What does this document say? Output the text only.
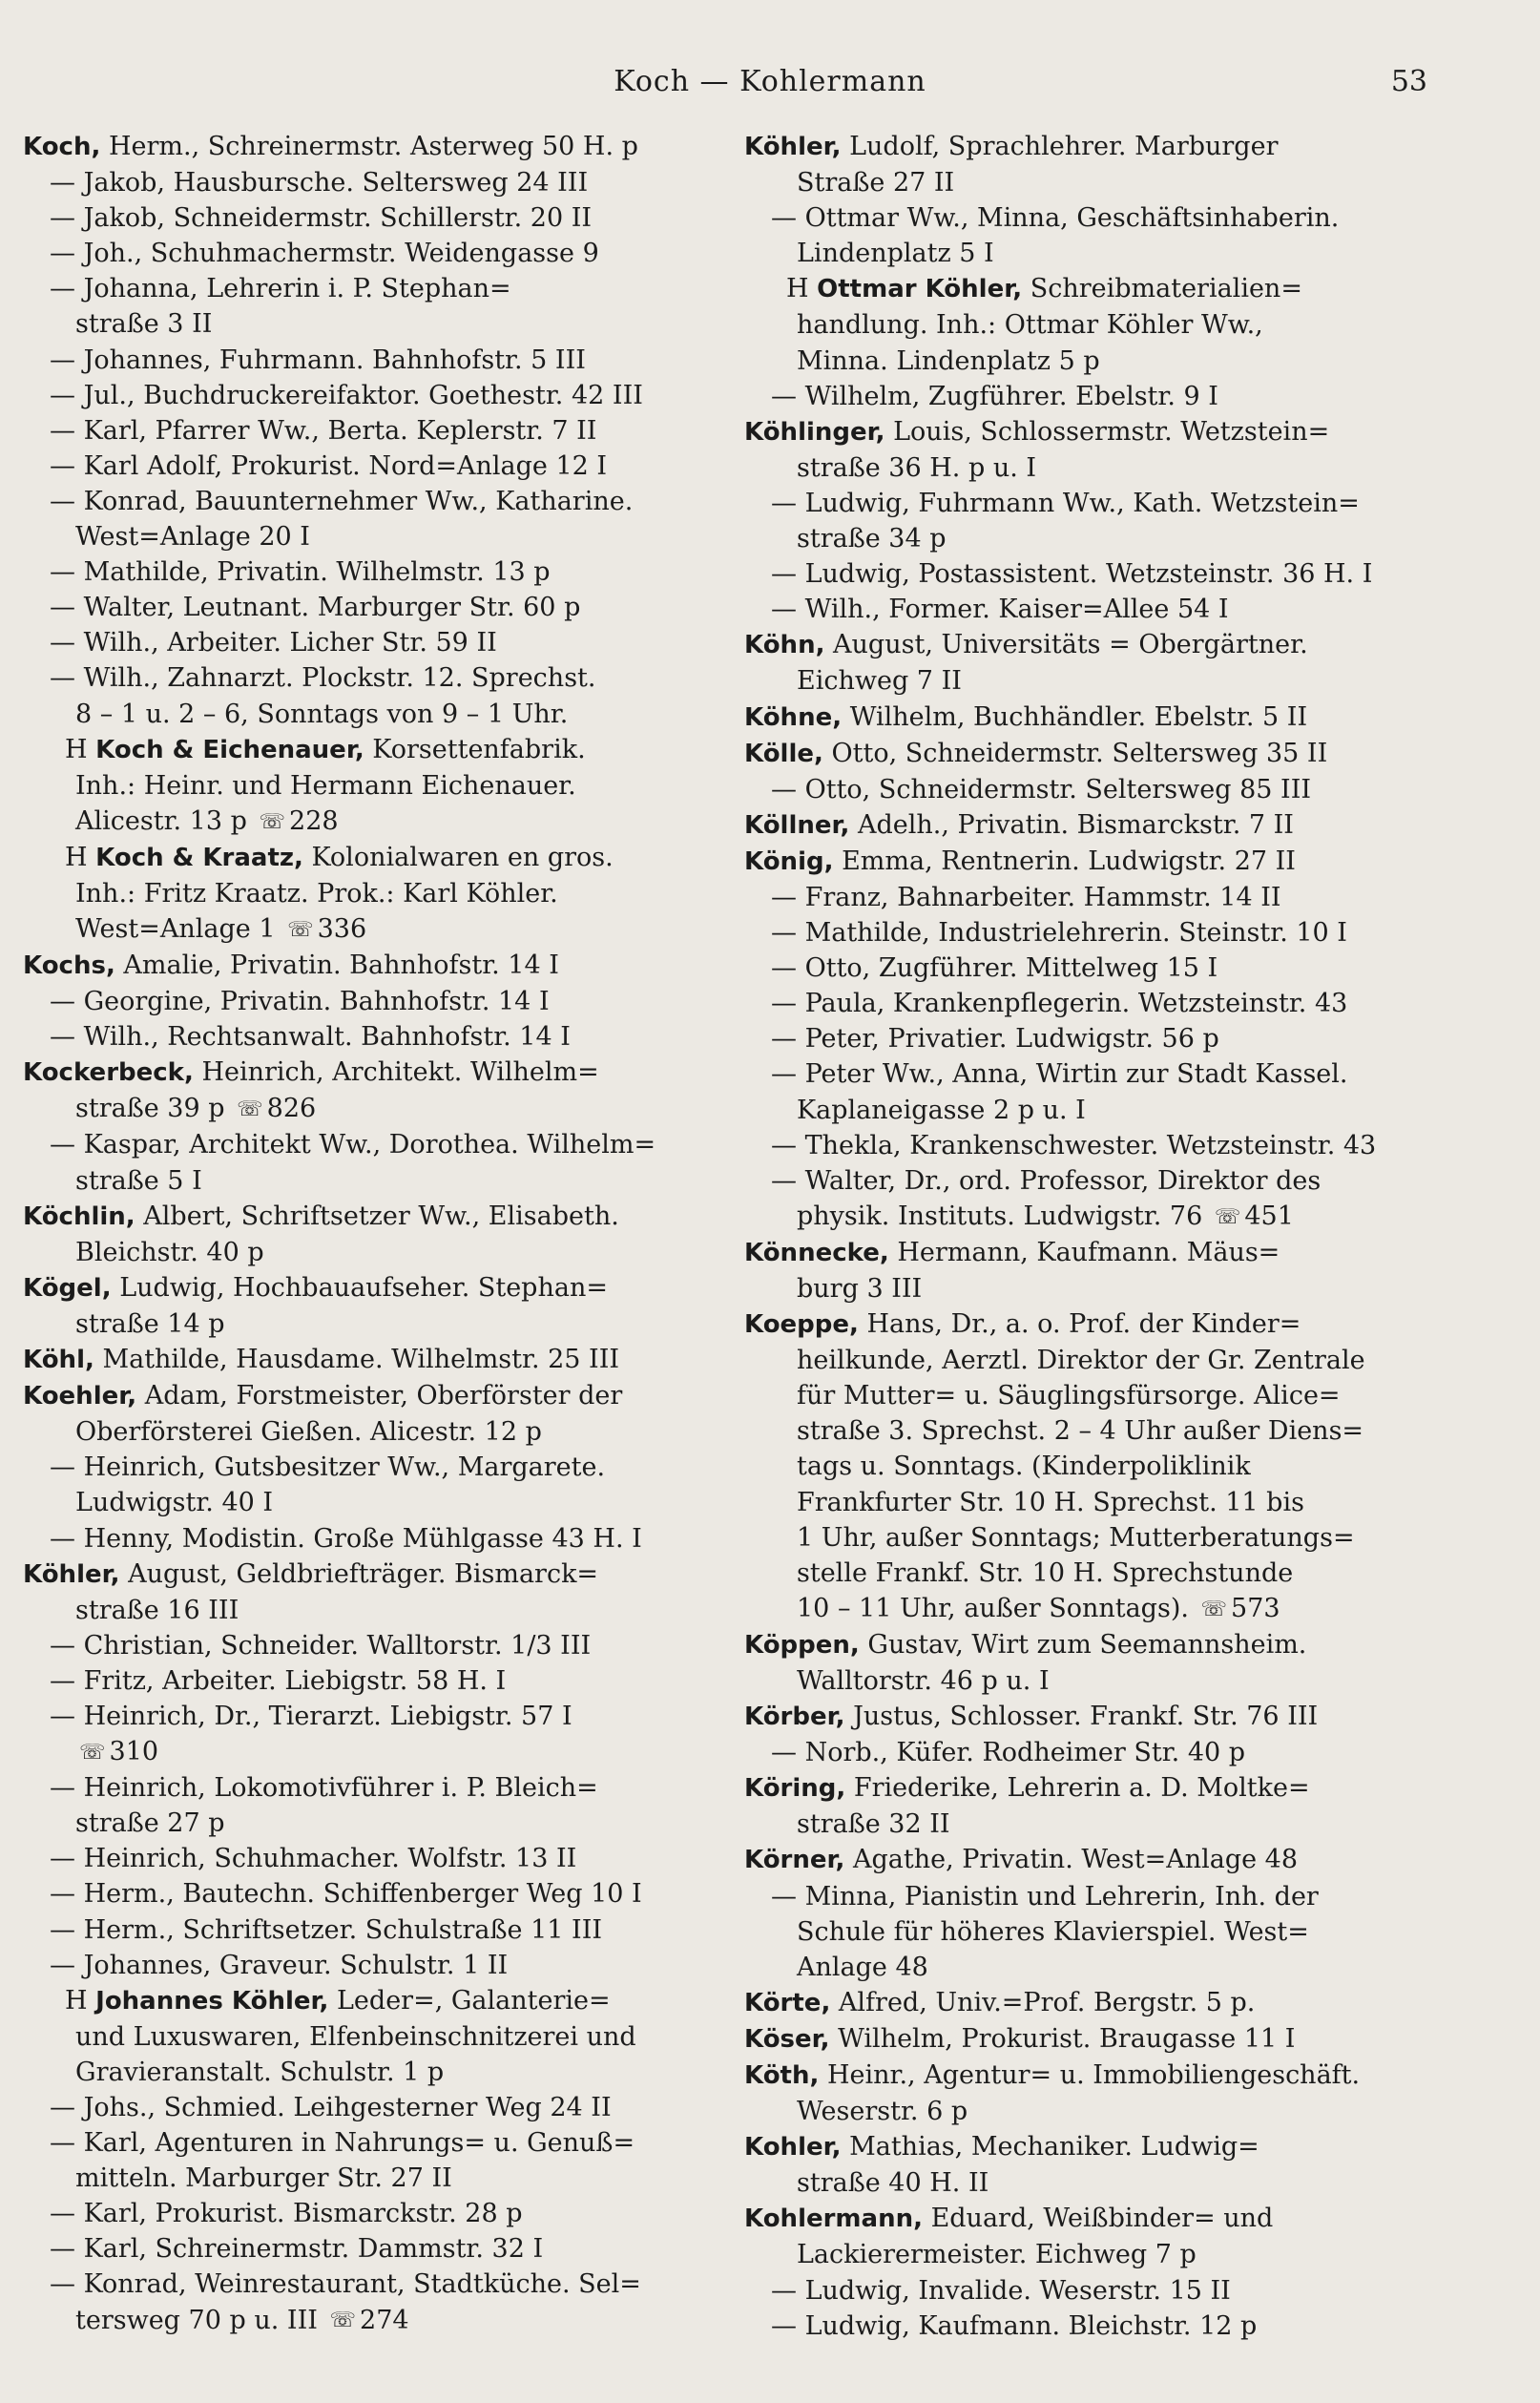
Koch — Kohlermann	53
Koch, Herm., Schreinermstr. Asterweg 50 H. p
— Jakob, Hausbursche. Seltersweg 24 III
— Jakob, Schneidermstr. Schillerstr. 20 II
— Joh., Schuhmachermstr. Weidengasse 9
— Johanna, Lehrerin i. P. Stephan=
straße 3 II
— Johannes, Fuhrmann. Bahnhofstr. 5 III
— Jul., Buchdruckereifaktor. Goethestr. 42 III
— Karl, Pfarrer Ww., Berta. Keplerstr. 7 II
— Karl Adolf, Prokurist. Nord=Anlage 12 I
— Konrad, Bauunternehmer Ww., Katharine.
West=Anlage 20 I
— Mathilde, Privatin. Wilhelmstr. 13 p
— Walter, Leutnant. Marburger Str. 60 p
— Wilh., Arbeiter. Licher Str. 59 II
— Wilh., Zahnarzt. Plockstr. 12. Sprechst.
8 – 1 u. 2 – 6, Sonntags von 9 – 1 Uhr.
H Koch & Eichenauer, Korsettenfabrik.
Inh.: Heinr. und Hermann Eichenauer.
Alicestr. 13 p ☏ 228
H Koch & Kraatz, Kolonialwaren en gros.
Inh.: Fritz Kraatz. Prok.: Karl Köhler.
West=Anlage 1 ☏ 336
Kochs, Amalie, Privatin. Bahnhofstr. 14 I
— Georgine, Privatin. Bahnhofstr. 14 I
— Wilh., Rechtsanwalt. Bahnhofstr. 14 I
Kockerbeck, Heinrich, Architekt. Wilhelm=
straße 39 p ☏ 826
— Kaspar, Architekt Ww., Dorothea. Wilhelm=
straße 5 I
Köchlin, Albert, Schriftsetzer Ww., Elisabeth.
Bleichstr. 40 p
Kögel, Ludwig, Hochbauaufseher. Stephan=
straße 14 p
Köhl, Mathilde, Hausdame. Wilhelmstr. 25 III
Koehler, Adam, Forstmeister, Oberförster der
Oberförsterei Gießen. Alicestr. 12 p
— Heinrich, Gutsbesitzer Ww., Margarete.
Ludwigstr. 40 I
— Henny, Modistin. Große Mühlgasse 43 H. I
Köhler, August, Geldbriefträger. Bismarck=
straße 16 III
— Christian, Schneider. Walltorstr. 1/3 III
— Fritz, Arbeiter. Liebigstr. 58 H. I
— Heinrich, Dr., Tierarzt. Liebigstr. 57 I
☏ 310
— Heinrich, Lokomotivführer i. P. Bleich=
straße 27 p
— Heinrich, Schuhmacher. Wolfstr. 13 II
— Herm., Bautechn. Schiffenberger Weg 10 I
— Herm., Schriftsetzer. Schulstraße 11 III
— Johannes, Graveur. Schulstr. 1 II
H Johannes Köhler, Leder=, Galanterie=
und Luxuswaren, Elfenbeinschnitzerei und
Gravieranstalt. Schulstr. 1 p
— Johs., Schmied. Leihgesterner Weg 24 II
— Karl, Agenturen in Nahrungs= u. Genuß=
mitteln. Marburger Str. 27 II
— Karl, Prokurist. Bismarckstr. 28 p
— Karl, Schreinermstr. Dammstr. 32 I
— Konrad, Weinrestaurant, Stadtküche. Sel=
tersweg 70 p u. III ☏ 274
Köhler, Ludolf, Sprachlehrer. Marburger
Straße 27 II
— Ottmar Ww., Minna, Geschäftsinhaberin.
Lindenplatz 5 I
H Ottmar Köhler, Schreibmaterialien=
handlung. Inh.: Ottmar Köhler Ww.,
Minna. Lindenplatz 5 p
— Wilhelm, Zugführer. Ebelstr. 9 I
Köhlinger, Louis, Schlossermstr. Wetzstein=
straße 36 H. p u. I
— Ludwig, Fuhrmann Ww., Kath. Wetzstein=
straße 34 p
— Ludwig, Postassistent. Wetzsteinstr. 36 H. I
— Wilh., Former. Kaiser=Allee 54 I
Köhn, August, Universitäts = Obergärtner.
Eichweg 7 II
Köhne, Wilhelm, Buchhändler. Ebelstr. 5 II
Kölle, Otto, Schneidermstr. Seltersweg 35 II
— Otto, Schneidermstr. Seltersweg 85 III
Köllner, Adelh., Privatin. Bismarckstr. 7 II
König, Emma, Rentnerin. Ludwigstr. 27 II
— Franz, Bahnarbeiter. Hammstr. 14 II
— Mathilde, Industrielehrerin. Steinstr. 10 I
— Otto, Zugführer. Mittelweg 15 I
— Paula, Krankenpflegerin. Wetzsteinstr. 43
— Peter, Privatier. Ludwigstr. 56 p
— Peter Ww., Anna, Wirtin zur Stadt Kassel.
Kaplaneigasse 2 p u. I
— Thekla, Krankenschwester. Wetzsteinstr. 43
— Walter, Dr., ord. Professor, Direktor des
physik. Instituts. Ludwigstr. 76 ☏ 451
Könnecke, Hermann, Kaufmann. Mäus=
burg 3 III
Koeppe, Hans, Dr., a. o. Prof. der Kinder=
heilkunde, Aerztl. Direktor der Gr. Zentrale
für Mutter= u. Säuglingsfürsorge. Alice=
straße 3. Sprechst. 2 – 4 Uhr außer Diens=
tags u. Sonntags. (Kinderpoliklinik
Frankfurter Str. 10 H. Sprechst. 11 bis
1 Uhr, außer Sonntags; Mutterberatungs=
stelle Frankf. Str. 10 H. Sprechstunde
10 – 11 Uhr, außer Sonntags). ☏ 573
Köppen, Gustav, Wirt zum Seemannsheim.
Walltorstr. 46 p u. I
Körber, Justus, Schlosser. Frankf. Str. 76 III
— Norb., Küfer. Rodheimer Str. 40 p
Köring, Friederike, Lehrerin a. D. Moltke=
straße 32 II
Körner, Agathe, Privatin. West=Anlage 48
— Minna, Pianistin und Lehrerin, Inh. der
Schule für höheres Klavierspiel. West=
Anlage 48
Körte, Alfred, Univ.=Prof. Bergstr. 5 p.
Köser, Wilhelm, Prokurist. Braugasse 11 I
Köth, Heinr., Agentur= u. Immobiliengeschäft.
Weserstr. 6 p
Kohler, Mathias, Mechaniker. Ludwig=
straße 40 H. II
Kohlermann, Eduard, Weißbinder= und
Lackierermeister. Eichweg 7 p
— Ludwig, Invalide. Weserstr. 15 II
— Ludwig, Kaufmann. Bleichstr. 12 p
